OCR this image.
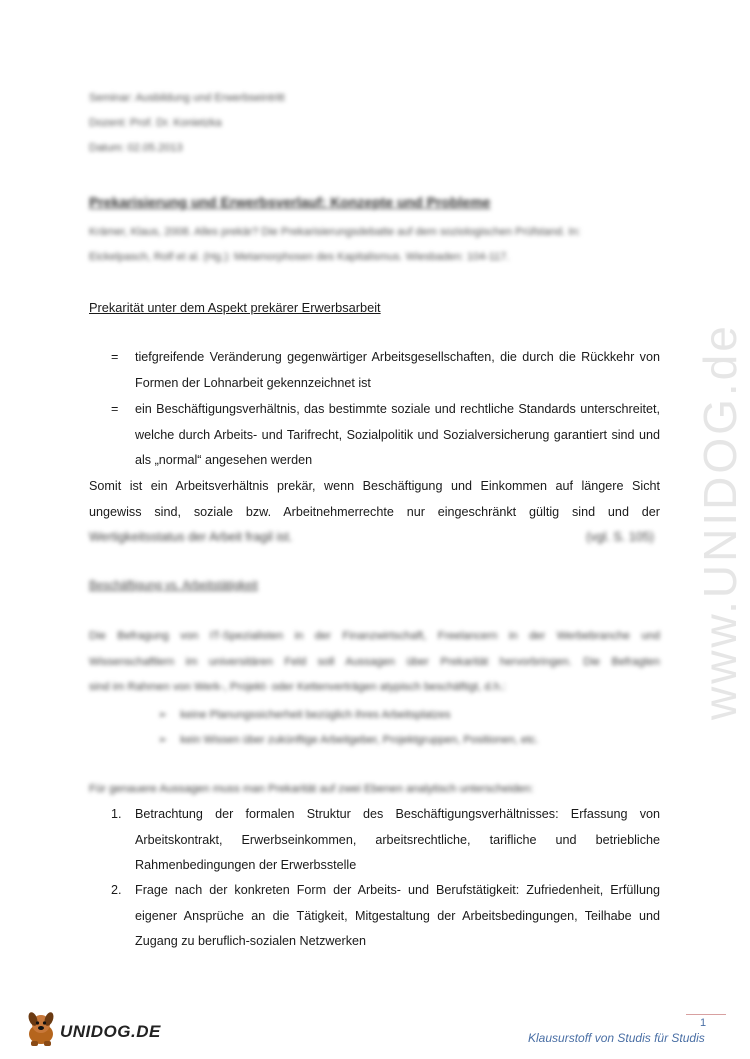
www.UNIDOG.de
Seminar: Ausbildung und Erwerbseintritt
Dozent: Prof. Dr. Konietzka
Datum: 02.05.2013
Prekarisierung und Erwerbsverlauf: Konzepte und Probleme
Krämer, Klaus, 2008. Alles prekär? Die Prekarisierungsdebatte auf dem soziologischen Prüfstand. In:
Eickelpasch, Rolf et al. (Hg.): Metamorphosen des Kapitalismus. Wiesbaden: 104-117.
Prekarität unter dem Aspekt prekärer Erwerbsarbeit
= tiefgreifende Veränderung gegenwärtiger Arbeitsgesellschaften, die durch die Rückkehr von
Formen der Lohnarbeit gekennzeichnet ist
= ein Beschäftigungsverhältnis, das bestimmte soziale und rechtliche Standards unterschreitet,
welche durch Arbeits- und Tarifrecht, Sozialpolitik und Sozialversicherung garantiert sind und
als „normal“ angesehen werden
Somit ist ein Arbeitsverhältnis prekär, wenn Beschäftigung und Einkommen auf längere Sicht
ungewiss sind, soziale bzw. Arbeitnehmerrechte nur eingeschränkt gültig sind und der
Wertigkeitsstatus der Arbeit fragil ist.	(vgl. S. 105)
Beschäftigung vs. Arbeitstätigkeit
Die Befragung von IT-Spezialisten in der Finanzwirtschaft, Freelancern in der Werbebranche und
Wissenschaftlern im universitären Feld soll Aussagen über Prekarität hervorbringen. Die Befragten
sind im Rahmen von Werk-, Projekt- oder Kettenverträgen atypisch beschäftigt, d.h.:
➢ keine Planungssicherheit bezüglich ihres Arbeitsplatzes
➢ kein Wissen über zukünftige Arbeitgeber, Projektgruppen, Positionen, etc.
Für genauere Aussagen muss man Prekarität auf zwei Ebenen analytisch unterscheiden:
1. Betrachtung der formalen Struktur des Beschäftigungsverhältnisses: Erfassung von
Arbeitskontrakt, Erwerbseinkommen, arbeitsrechtliche, tarifliche und betriebliche
Rahmenbedingungen der Erwerbsstelle
2. Frage nach der konkreten Form der Arbeits- und Berufstätigkeit: Zufriedenheit, Erfüllung
eigener Ansprüche an die Tätigkeit, Mitgestaltung der Arbeitsbedingungen, Teilhabe und
Zugang zu beruflich-sozialen Netzwerken
UNIDOG.DE	1
Klausurstoff von Studis für Studis
